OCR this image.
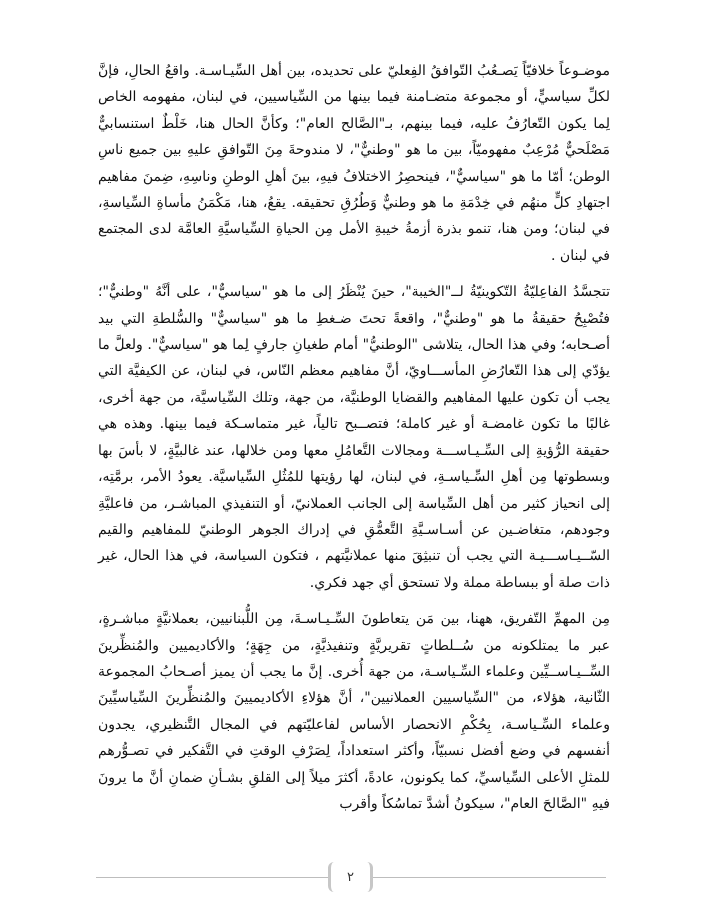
موضـوعاً خلافيّاً يَصـعُبُ التّوافقُ الفِعليّ على تحديده، بين أهل السِّيـاسـة. واقعُ الحالِ، فإنَّ لكلِّ سياسيٍّ، أو مجموعة متضـامنة فيما بينها من السِّياسيين، في لبنان، مفهومه الخاص لِما يكون التّعارُفُ عليه، فيما بينهم، بـ"الصَّالح العام"؛ وكأنَّ الحال هنا، خَلْطٌ استنسابيٌّ مَصْلَحيٌّ مُرْعِبٌ مفهوميّاً، بين ما هو "وطنيٌّ"، لا مندوحةَ مِنَ التّوافقِ عليهِ بين جميع ناسِ الوطن؛ أمّا ما هو "سياسيٌّ"، فينحصِرُ الاختلافُ فيهِ، بينَ أهلِ الوطنِ وناسِهِ، ضِمنَ مفاهيم اجتهادِ كلٍّ منهُم في خِدْمَةِ ما هو وطنيٌّ وَطُرُقِ تحقيقه. يقعُ، هنا، مَكْمَنُ مأساةِ السِّياسةِ، في لبنان؛ ومن هنا، تنمو بذرة أزمةُ خيبةِ الأمل مِن الحياةِ السِّياسيَّةِ العامَّة لدى المجتمع في لبنان .

تتجسَّدُ الفاعِليّةُ التّكوينيّةُ لــ"الخيبة"، حينَ يُنْظَرُ إلى ما هو "سياسيٌّ"، على أنَّهُ "وطنيٌّ"؛ فتُصْبِحُ حقيقةُ ما هو "وطنيٌّ"، واقعةً تحتَ ضـغطِ ما هو "سياسيٌّ" والسُّلطةِ التي بيد أصـحابه؛ وفي هذا الحال، يتلاشى "الوطنيُّ" أمام طغيانِ جارفٍ لِما هو "سياسيٌّ". ولعلَّ ما يؤدّي إلى هذا التّعارُضِ المأســـاويّ، أنَّ مفاهيم معظم النّاس، في لبنان، عن الكيفيَّة التي يجب أن تكون عليها المفاهيم والقضايا الوطنيَّة، من جهة، وتلك السِّياسيَّة، من جهة أخرى، غالبًا ما تكون غامضـة أو غير كاملة؛ فتصــبح تالياً، غير متماسـكة فيما بينها. وهذه هي حقيقة الرُّؤيةِ إلى السِّـيـاســـة ومجالات التَّعامُلِ معها ومن خلالها، عند غالبيَّةٍ، لا بأسَ بها وبسطوتها مِن أهلِ السِّـياسـةِ، في لبنان، لها رؤيتها للمُثُلِ السِّياسيَّة. يعودُ الأمر، برمَّتِه، إلى انحياز كثير من أهل السِّياسة إلى الجانب العملانيّ، أو التنفيذي المباشـر، من فاعليَّةِ وجودهم، متغاضـين عن أسـاسـيَّةِ التَّعمُّقِ في إدراك الجوهر الوطنيّ للمفاهيم والقيم السّــيـاســـيـة التي يجب أن تنبثِقَ منها عملانيَّتهم ، فتكون السياسة، في هذا الحال، غير ذات صلة أو ببساطة مملة ولا تستحق أي جهد فكري.

مِن المهمِّ التّفريق، ههنا، بين مَن يتعاطونَ السِّـيـاسـةَ، مِن اللُّبنانيين، بعملانيَّةٍ مباشـرةٍ، عبر ما يمتلكونه من سُــلطاتٍ تقريريَّةٍ وتنفيذيَّةٍ، من جِهَةٍ؛ والأكاديميين والمُنظِّرينَ السِّــيـاســيِّين وعلماء السِّـياسـة، من جهة أُخرى. إنَّ ما يجب أن يميز أصـحابُ المجموعة الثّانية، هؤلاء، من "السِّياسيين العملانيين"، أنَّ هؤلاءِ الأكاديميينَ والمُنظِّرينَ السِّياسيِّينَ وعلماء السِّـياسـة، بِحُكْمِ الانحصار الأساس لفاعليّتهم في المجال التَّنظيري، يجدون أنفسهم في وضع أفضل نسبيّاً، وأكثر استعداداً، لِصَرْفِ الوقتِ في التَّفكير في تصـوُّرهم للمثلِ الأعلى السِّياسيِّ، كما يكونون، عادةً، أكثرَ ميلاً إلى القلقِ بشـأنِ ضمانِ أنَّ ما يرونَ فيهِ "الصَّالحَ العام"، سيكونُ أشدَّ تماسُكاً وأقرب

٢
